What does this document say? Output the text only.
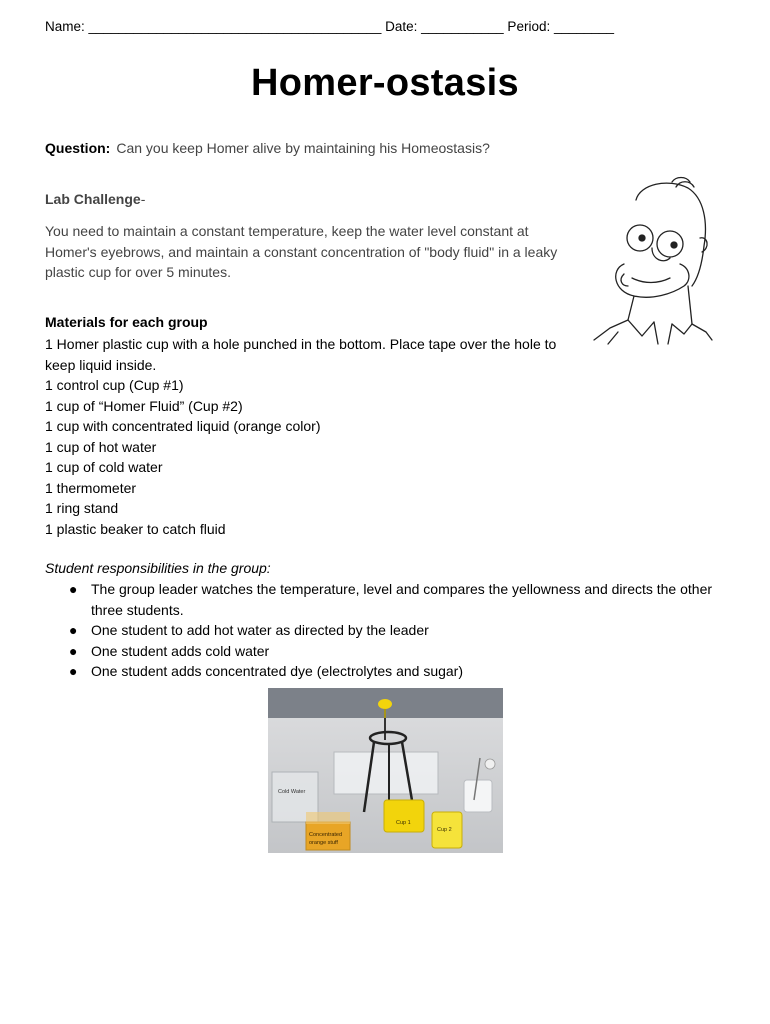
Name: _______________________________________ Date: ___________ Period: ________
Homer-ostasis
Question: Can you keep Homer alive by maintaining his Homeostasis?
Lab Challenge-
You need to maintain a constant temperature, keep the water level constant at Homer's eyebrows, and maintain a constant concentration of "body fluid" in a leaky plastic cup for over 5 minutes.
Materials for each group
1 Homer plastic cup with a hole punched in the bottom. Place tape over the hole to keep liquid inside.
1 control cup (Cup #1)
1 cup of “Homer Fluid” (Cup #2)
1 cup with concentrated liquid (orange color)
1 cup of hot water
1 cup of cold water
1 thermometer
1 ring stand
1 plastic beaker to catch fluid
Student responsibilities in the group:
● The group leader watches the temperature, level and compares the yellowness and directs the other three students.
● One student to add hot water as directed by the leader
● One student adds cold water
● One student adds concentrated dye (electrolytes and sugar)
Cold Water
Concentrated
orange stuff
Cup 1
Cup 2
